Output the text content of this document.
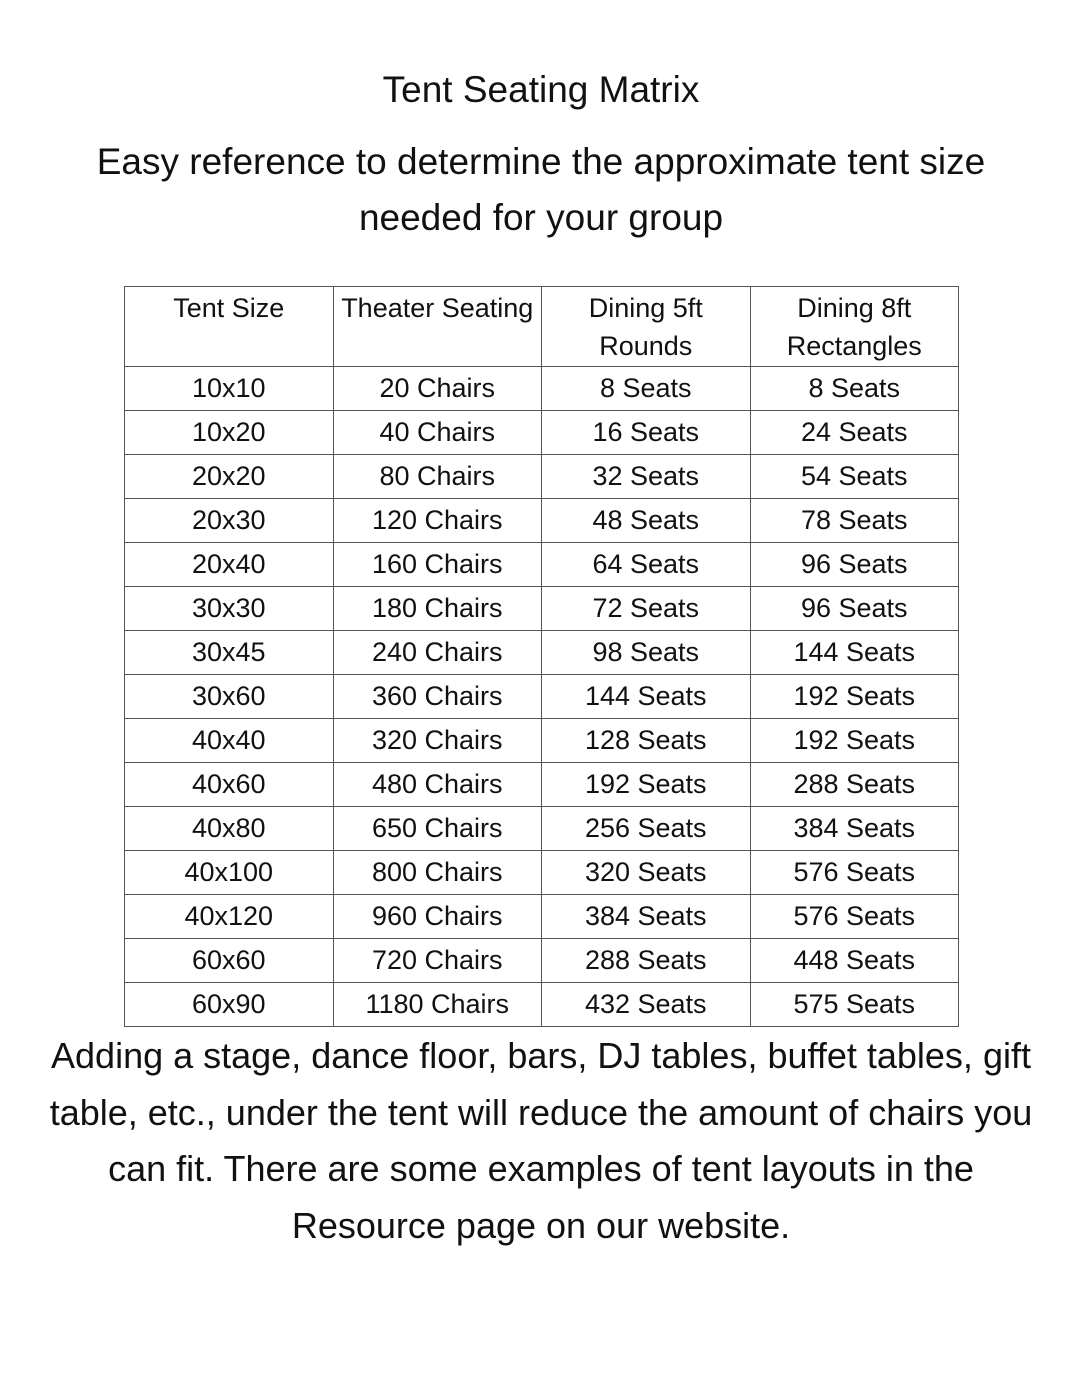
Tent Seating Matrix
Easy reference to determine the approximate tent size needed for your group
Tent Size	Theater Seating	Dining 5ft Rounds	Dining 8ft Rectangles
10x10	20 Chairs	8 Seats	8 Seats
10x20	40 Chairs	16 Seats	24 Seats
20x20	80 Chairs	32 Seats	54 Seats
20x30	120 Chairs	48 Seats	78 Seats
20x40	160 Chairs	64 Seats	96 Seats
30x30	180 Chairs	72 Seats	96 Seats
30x45	240 Chairs	98 Seats	144 Seats
30x60	360 Chairs	144 Seats	192 Seats
40x40	320 Chairs	128 Seats	192 Seats
40x60	480 Chairs	192 Seats	288 Seats
40x80	650 Chairs	256 Seats	384 Seats
40x100	800 Chairs	320 Seats	576 Seats
40x120	960 Chairs	384 Seats	576 Seats
60x60	720 Chairs	288 Seats	448 Seats
60x90	1180 Chairs	432 Seats	575 Seats

Adding a stage, dance floor, bars, DJ tables, buffet tables, gift table, etc., under the tent will reduce the amount of chairs you can fit. There are some examples of tent layouts in the Resource page on our website.
